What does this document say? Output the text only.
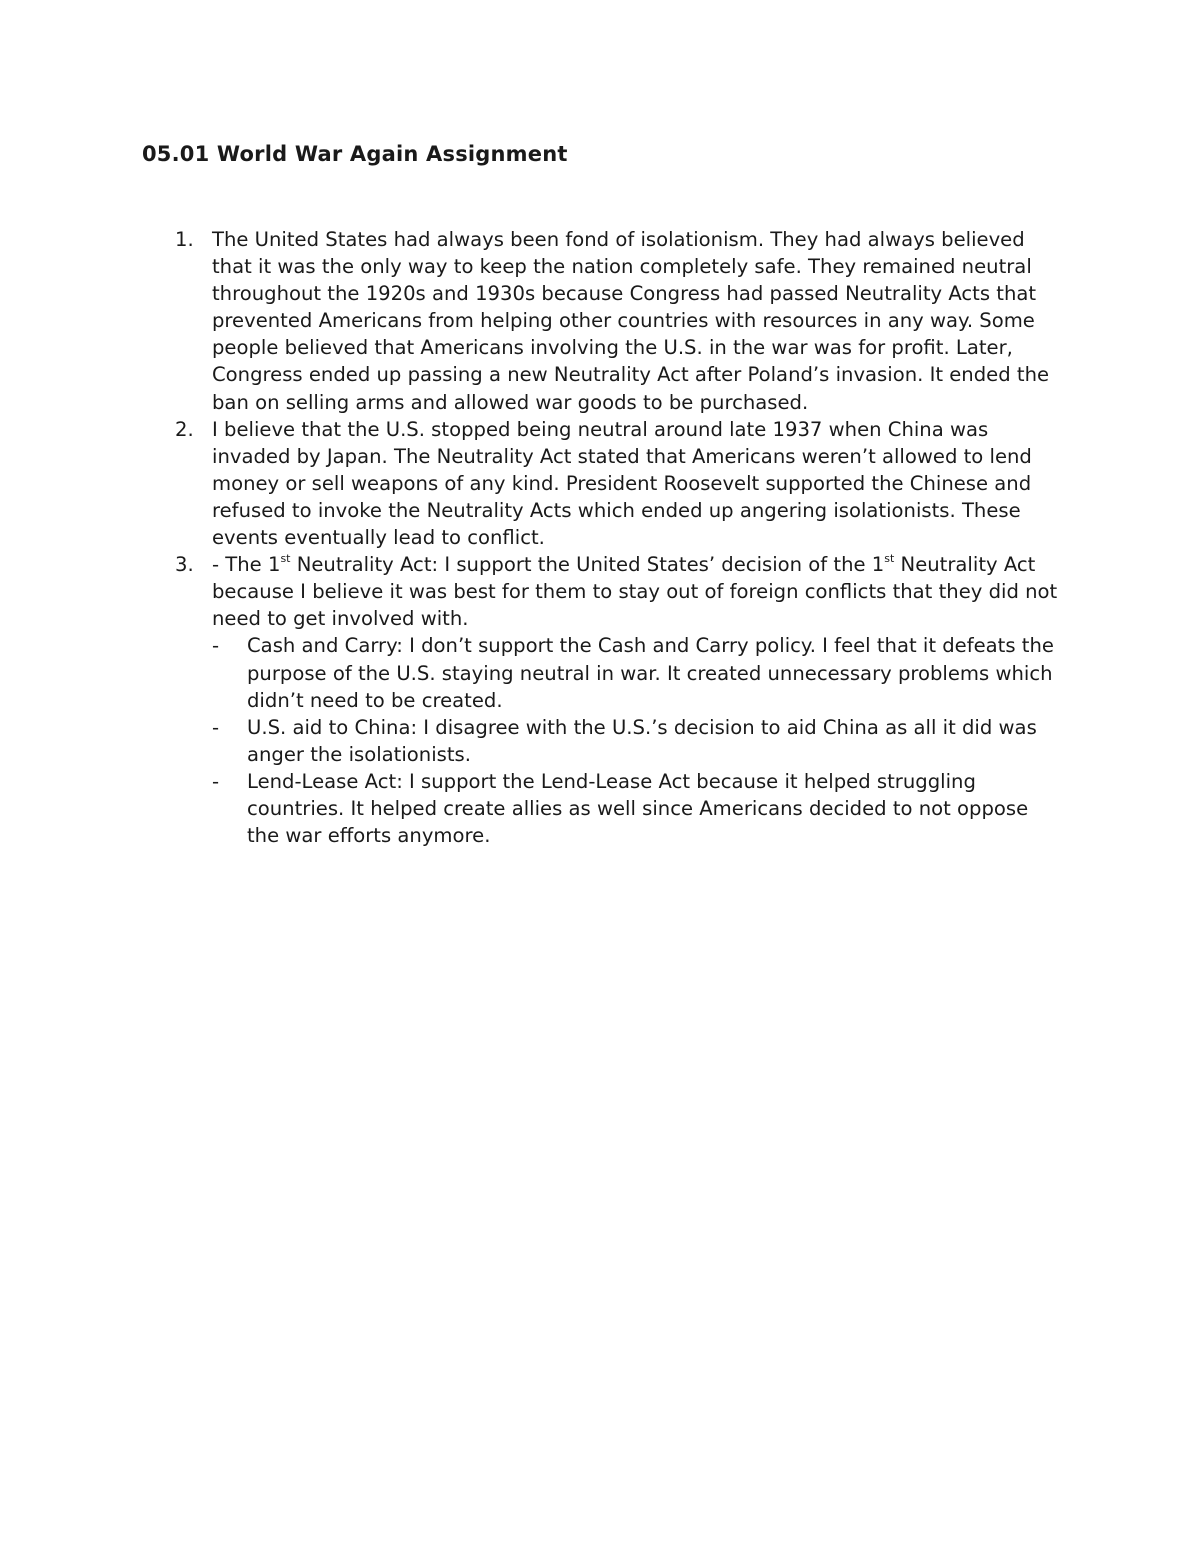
05.01 World War Again Assignment
1. The United States had always been fond of isolationism. They had always believed that it was the only way to keep the nation completely safe. They remained neutral throughout the 1920s and 1930s because Congress had passed Neutrality Acts that prevented Americans from helping other countries with resources in any way. Some people believed that Americans involving the U.S. in the war was for profit. Later, Congress ended up passing a new Neutrality Act after Poland’s invasion. It ended the ban on selling arms and allowed war goods to be purchased.
2. I believe that the U.S. stopped being neutral around late 1937 when China was invaded by Japan. The Neutrality Act stated that Americans weren’t allowed to lend money or sell weapons of any kind. President Roosevelt supported the Chinese and refused to invoke the Neutrality Acts which ended up angering isolationists. These events eventually lead to conflict.
3. - The 1st Neutrality Act: I support the United States’ decision of the 1st Neutrality Act because I believe it was best for them to stay out of foreign conflicts that they did not need to get involved with.
- Cash and Carry: I don’t support the Cash and Carry policy. I feel that it defeats the purpose of the U.S. staying neutral in war. It created unnecessary problems which didn’t need to be created.
- U.S. aid to China: I disagree with the U.S.’s decision to aid China as all it did was anger the isolationists.
- Lend-Lease Act: I support the Lend-Lease Act because it helped struggling countries. It helped create allies as well since Americans decided to not oppose the war efforts anymore.
